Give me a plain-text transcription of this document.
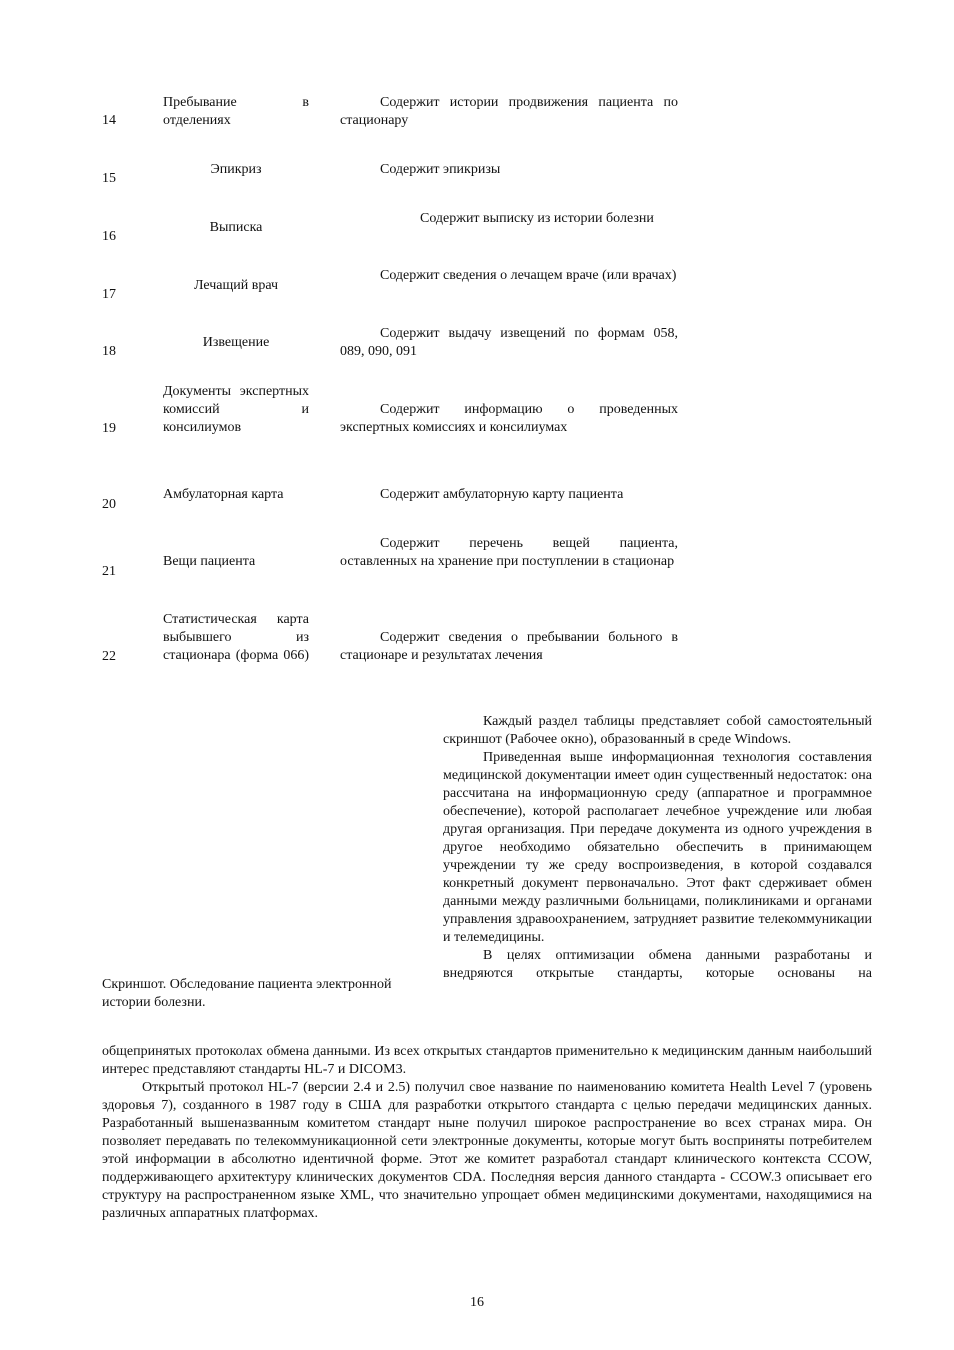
14
Пребывание в отделениях
Содержит истории продвижения пациента по стационару
15
Эпикриз	Содержит эпикризы
16
Выписка
Содержит выписку из истории болезни
17
Лечащий врач
Содержит сведения о лечащем враче (или врачах)
18
Извещение
Содержит выдачу извещений по формам 058, 089, 090, 091
19
Документы экспертных комиссий и консилиумов
Содержит информацию о проведенных экспертных комиссиях и консилиумах
20
Амбулаторная карта	Содержит амбулаторную карту пациента
21
Вещи пациента
Содержит перечень вещей пациента, оставленных на хранение при поступлении в стационар
22
Статистическая карта выбывшего из стационара (форма 066)
Содержит сведения о пребывании больного в стационаре и результатах лечения

Каждый раздел таблицы представляет собой самостоятельный скриншот (Рабочее окно), образованный в среде Windows.

Приведенная выше информационная технология составления медицинской документации имеет один существенный недостаток: она рассчитана на информационную среду (аппаратное и программное обеспечение), которой располагает лечебное учреждение или любая другая организация. При передаче документа из одного учреждения в другое необходимо обязательно обеспечить в принимающем учреждении ту же среду воспроизведения, в которой создавался конкретный документ первоначально. Этот факт сдерживает обмен данными между различными больницами, поликлиниками и органами управления здравоохранением, затрудняет развитие телекоммуникации и телемедицины.

В целях оптимизации обмена данными разработаны и внедряются открытые стандарты, которые основаны на

Скриншот. Обследование пациента электронной истории болезни.

общепринятых протоколах обмена данными. Из всех открытых стандартов применительно к медицинским данным наибольший интерес представляют стандарты HL-7 и DICOM3.

Открытый протокол HL-7 (версии 2.4 и 2.5) получил свое название по наименованию комитета Health Level 7 (уровень здоровья 7), созданного в 1987 году в США для разработки открытого стандарта с целью передачи медицинских данных. Разработанный вышеназванным комитетом стандарт ныне получил широкое распространение во всех странах мира. Он позволяет передавать по телекоммуникационной сети электронные документы, которые могут быть восприняты потребителем этой информации в абсолютно идентичной форме. Этот же комитет разработал стандарт клинического контекста CCOW, поддерживающего архитектуру клинических документов CDA. Последняя версия данного стандарта - CCOW.3 описывает его структуру на распространенном языке XML, что значительно упрощает обмен медицинскими документами, находящимися на различных аппаратных платформах.

16
